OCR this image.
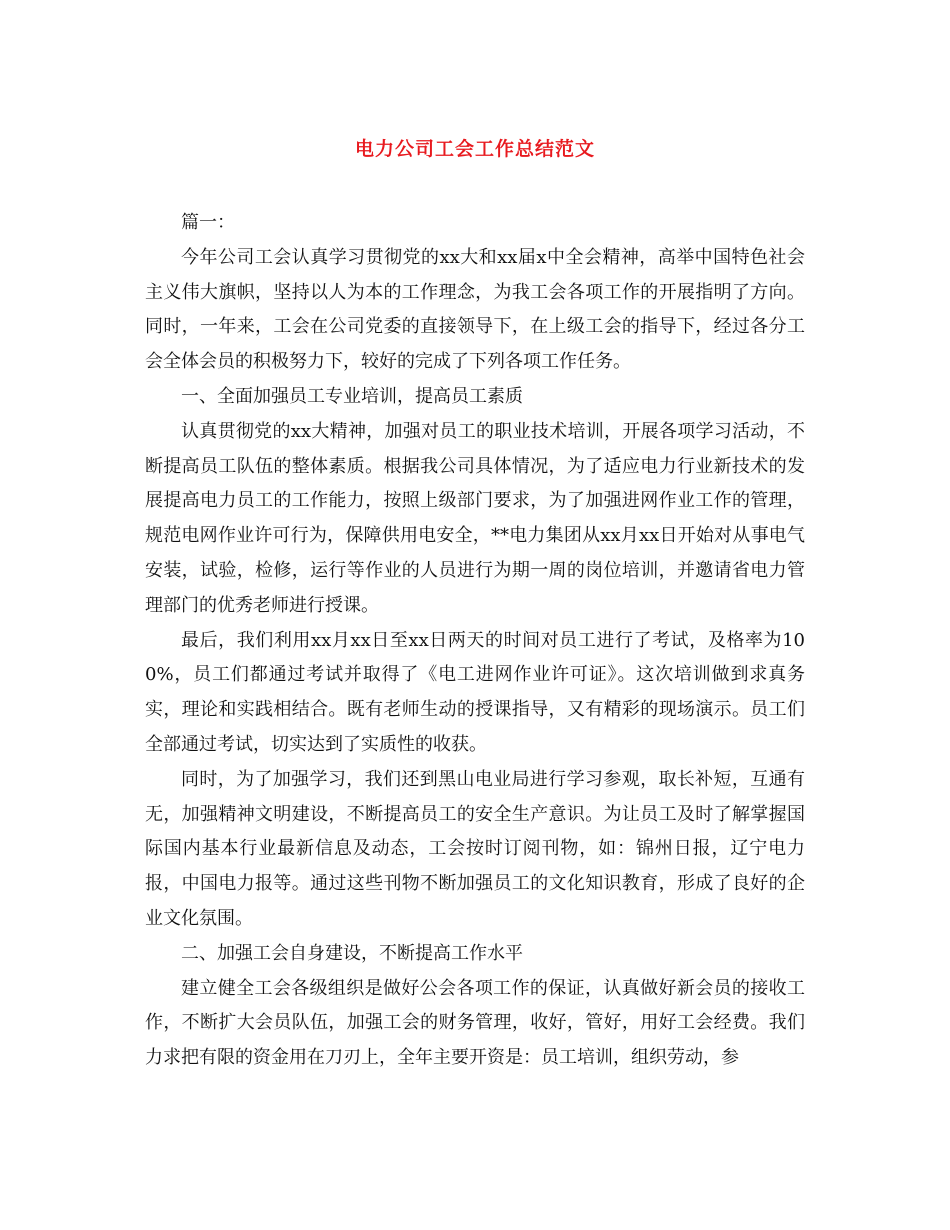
电力公司工会工作总结范文

篇一：

今年公司工会认真学习贯彻党的xx大和xx届x中全会精神，高举中国特色社会主义伟大旗帜，坚持以人为本的工作理念，为我工会各项工作的开展指明了方向。同时，一年来，工会在公司党委的直接领导下，在上级工会的指导下，经过各分工会全体会员的积极努力下，较好的完成了下列各项工作任务。

一、全面加强员工专业培训，提高员工素质

认真贯彻党的xx大精神，加强对员工的职业技术培训，开展各项学习活动，不断提高员工队伍的整体素质。根据我公司具体情况，为了适应电力行业新技术的发展提高电力员工的工作能力，按照上级部门要求，为了加强进网作业工作的管理，规范电网作业许可行为，保障供用电安全，**电力集团从xx月xx日开始对从事电气安装，试验，检修，运行等作业的人员进行为期一周的岗位培训，并邀请省电力管理部门的优秀老师进行授课。

最后，我们利用xx月xx日至xx日两天的时间对员工进行了考试，及格率为100%，员工们都通过考试并取得了《电工进网作业许可证》。这次培训做到求真务实，理论和实践相结合。既有老师生动的授课指导，又有精彩的现场演示。员工们全部通过考试，切实达到了实质性的收获。

同时，为了加强学习，我们还到黑山电业局进行学习参观，取长补短，互通有无，加强精神文明建设，不断提高员工的安全生产意识。为让员工及时了解掌握国际国内基本行业最新信息及动态，工会按时订阅刊物，如：锦州日报，辽宁电力报，中国电力报等。通过这些刊物不断加强员工的文化知识教育，形成了良好的企业文化氛围。

二、加强工会自身建设，不断提高工作水平

建立健全工会各级组织是做好公会各项工作的保证，认真做好新会员的接收工作，不断扩大会员队伍，加强工会的财务管理，收好，管好，用好工会经费。我们力求把有限的资金用在刀刃上，全年主要开资是：员工培训，组织劳动，参
